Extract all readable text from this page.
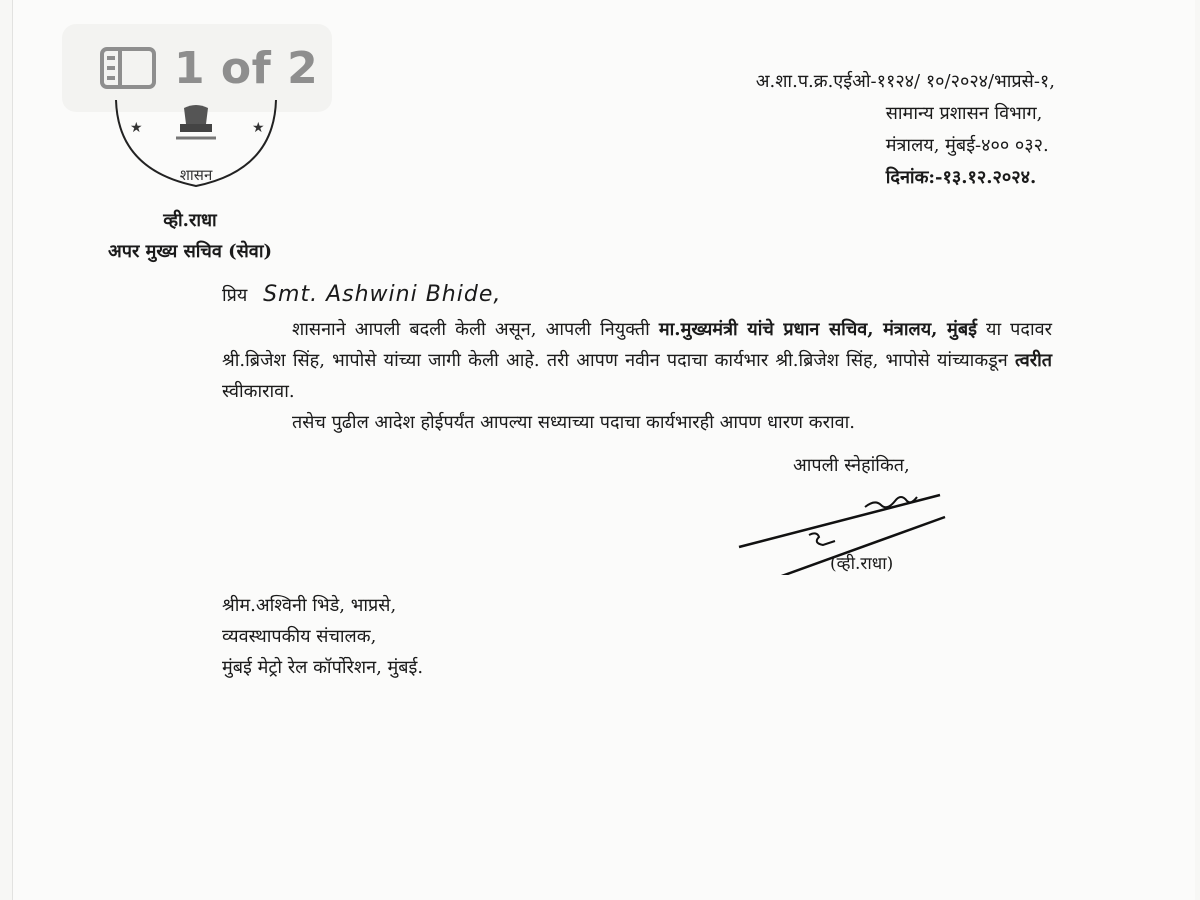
1 of 2
★	★
शासन
व्ही.राधा
अपर मुख्य सचिव (सेवा)
अ.शा.प.क्र.एईओ-११२४/ १०/२०२४/भाप्रसे-१,
सामान्य प्रशासन विभाग,
मंत्रालय, मुंबई-४०० ०३२.
दिनांक:-१३.१२.२०२४.
प्रिय Smt. Ashwini Bhide,

शासनाने आपली बदली केली असून, आपली नियुक्ती मा.मुख्यमंत्री यांचे प्रधान सचिव, मंत्रालय, मुंबई या पदावर श्री.ब्रिजेश सिंह, भापोसे यांच्या जागी केली आहे. तरी आपण नवीन पदाचा कार्यभार श्री.ब्रिजेश सिंह, भापोसे यांच्याकडून त्वरीत स्वीकारावा.

तसेच पुढील आदेश होईपर्यंत आपल्या सध्याच्या पदाचा कार्यभारही आपण धारण करावा.

आपली स्नेहांकित,
(व्ही.राधा)
श्रीम.अश्विनी भिडे, भाप्रसे,
व्यवस्थापकीय संचालक,
मुंबई मेट्रो रेल कॉर्पोरेशन, मुंबई.
